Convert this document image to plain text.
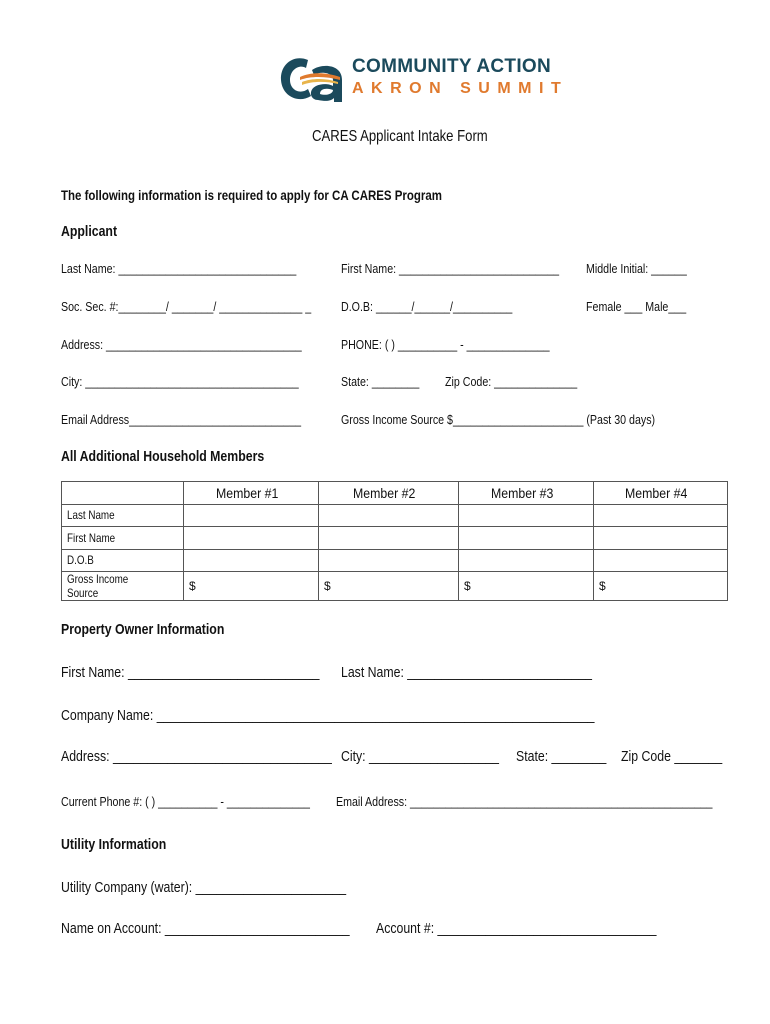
COMMUNITY ACTION
AKRON SUMMIT
CARES Applicant Intake Form
The following information is required to apply for CA CARES Program
Applicant
Last Name: ______________________________	First Name: ___________________________	Middle Initial: ______
Soc. Sec. #:________/ _______/ ______________ _	D.O.B: ______/______/__________	Female ___ Male___
Address: _________________________________	PHONE: ( ) __________ - ______________
City: ____________________________________	State: ________	Zip Code: ______________
Email Address_____________________________	Gross Income Source $______________________ (Past 30 days)
All Additional Household Members
	Member #1	Member #2	Member #3	Member #4
Last Name				
First Name				
D.O.B				
Gross Income Source	$	$	$	$
Property Owner Information
First Name: ____________________________	Last Name: ___________________________
Company Name: ________________________________________________________________
Address: ________________________________ City: ___________________	State: ________ Zip Code _______
Current Phone #: ( ) __________ - ______________	Email Address: ___________________________________________________
Utility Information
Utility Company (water): ______________________
Name on Account: ___________________________	Account #: ________________________________
